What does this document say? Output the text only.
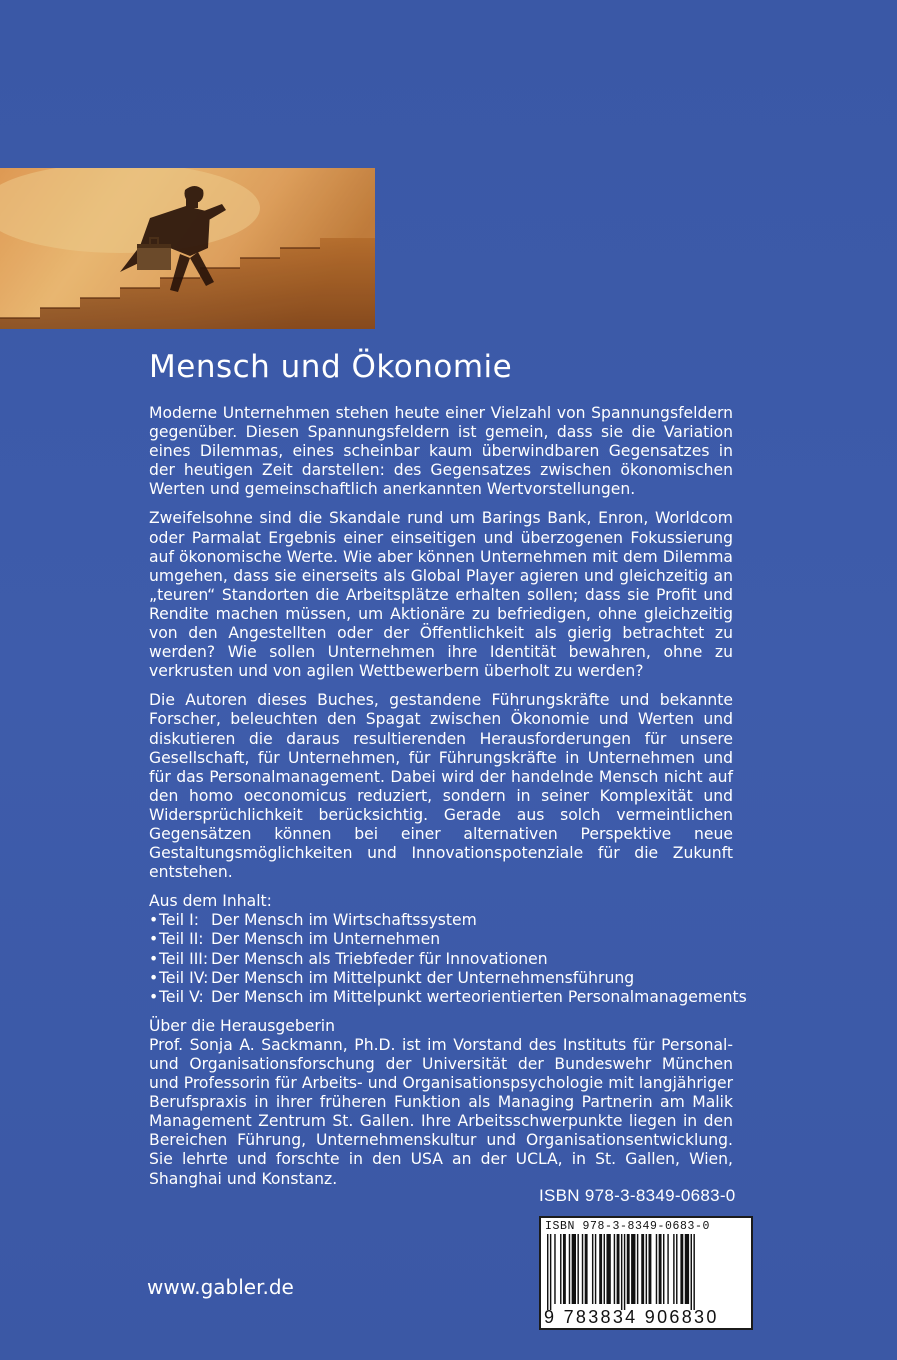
Mensch und Ökonomie

Moderne Unternehmen stehen heute einer Vielzahl von Spannungsfeldern gegenüber. Diesen Spannungsfeldern ist gemein, dass sie die Variation eines Dilemmas, eines scheinbar kaum überwindbaren Gegensatzes in der heutigen Zeit darstellen: des Gegensatzes zwischen ökonomischen Werten und gemeinschaftlich anerkannten Wertvorstellungen.

Zweifelsohne sind die Skandale rund um Barings Bank, Enron, Worldcom oder Parmalat Ergebnis einer einseitigen und überzogenen Fokussierung auf ökonomische Werte. Wie aber können Unternehmen mit dem Dilemma umgehen, dass sie einerseits als Global Player agieren und gleichzeitig an „teuren“ Standorten die Arbeitsplätze erhalten sollen; dass sie Profit und Rendite machen müssen, um Aktionäre zu befriedigen, ohne gleichzeitig von den Angestellten oder der Öffentlichkeit als gierig betrachtet zu werden? Wie sollen Unternehmen ihre Identität bewahren, ohne zu verkrusten und von agilen Wettbewerbern überholt zu werden?

Die Autoren dieses Buches, gestandene Führungskräfte und bekannte Forscher, beleuchten den Spagat zwischen Ökonomie und Werten und diskutieren die daraus resultierenden Herausforderungen für unsere Gesellschaft, für Unternehmen, für Führungskräfte in Unternehmen und für das Personalmanagement. Dabei wird der handelnde Mensch nicht auf den homo oeconomicus reduziert, sondern in seiner Komplexität und Widersprüchlichkeit berücksichtig. Gerade aus solch vermeintlichen Gegensätzen können bei einer alternativen Perspektive neue Gestaltungsmöglichkeiten und Innovationspotenziale für die Zukunft entstehen.

Aus dem Inhalt:

•Teil I: Der Mensch im Wirtschaftssystem
•Teil II: Der Mensch im Unternehmen
•Teil III: Der Mensch als Triebfeder für Innovationen
•Teil IV: Der Mensch im Mittelpunkt der Unternehmensführung
•Teil V: Der Mensch im Mittelpunkt werteorientierten Personalmanagements

Über die Herausgeberin

Prof. Sonja A. Sackmann, Ph.D. ist im Vorstand des Instituts für Personal- und Organisationsforschung der Universität der Bundeswehr München und Professorin für Arbeits- und Organisationspsychologie mit langjähriger Berufspraxis in ihrer früheren Funktion als Managing Partnerin am Malik Management Zentrum St. Gallen. Ihre Arbeitsschwerpunkte liegen in den Bereichen Führung, Unternehmenskultur und Organisationsentwicklung. Sie lehrte und forschte in den USA an der UCLA, in St. Gallen, Wien, Shanghai und Konstanz.

ISBN 978-3-8349-0683-0
ISBN 978-3-8349-0683-0
9 783834 906830

www.gabler.de
